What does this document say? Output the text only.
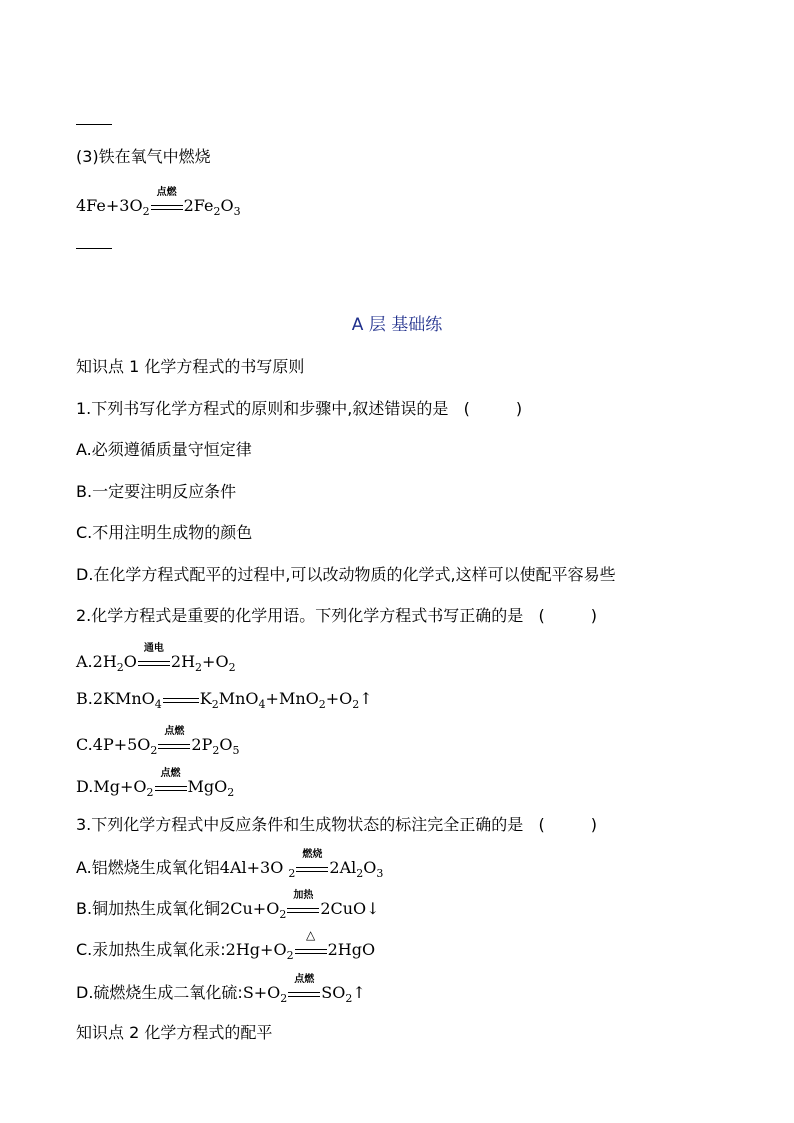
(3)铁在氧气中燃烧
$4Fe+3O_2$
点燃
$2Fe_2O_3$
A 层 基础练
知识点 1 化学方程式的书写原则
1.下列书写化学方程式的原则和步骤中,叙述错误的是 (	)
A.必须遵循质量守恒定律
B.一定要注明反应条件
C.不用注明生成物的颜色
D.在化学方程式配平的过程中,可以改动物质的化学式,这样可以使配平容易些
2.化学方程式是重要的化学用语。下列化学方程式书写正确的是 (	)
$A.2H_2O$
通电
$2H_2+O_2$
B.2KMnO$_4$ $K_2MnO_4+MnO_2+O_2↑$
$C.4P+5O_2$
点燃
$2P_2O_5$
$D.Mg+O_2$
点燃
MgO$_2$
3.下列化学方程式中反应条件和生成物状态的标注完全正确的是 (	)
A.铝燃烧生成氧化铝4Al+3O $_2$
燃烧
$2Al_2O_3$
B.铜加热生成氧化铜$2Cu+O_2$
加热
2CuO↓
C.汞加热生成氧化汞$:2Hg+O_2$
△
2HgO
D.硫燃烧生成二氧化硫$:S+O_2$
点燃
$SO_2↑$
知识点 2 化学方程式的配平
